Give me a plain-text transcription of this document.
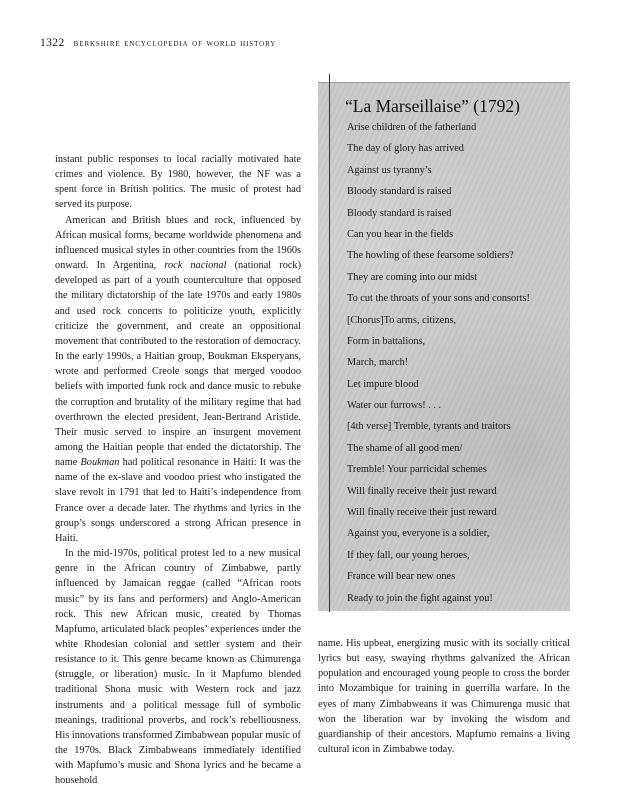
1322 berkshire encyclopedia of world history

instant public responses to local racially motivated hate crimes and violence. By 1980, however, the NF was a spent force in British politics. The music of protest had served its purpose.

American and British blues and rock, influenced by African musical forms, became worldwide phenomena and influenced musical styles in other countries from the 1960s onward. In Argentina, rock nacional (national rock) developed as part of a youth counterculture that opposed the military dictatorship of the late 1970s and early 1980s and used rock concerts to politicize youth, explicitly criticize the government, and create an oppositional movement that contributed to the restoration of democracy. In the early 1990s, a Haitian group, Boukman Eksperyans, wrote and performed Creole songs that merged voodoo beliefs with imported funk rock and dance music to rebuke the corruption and brutality of the military regime that had overthrown the elected president, Jean-Bertrand Aristide. Their music served to inspire an insurgent movement among the Haitian people that ended the dictatorship. The name Boukman had political resonance in Haiti: It was the name of the ex-slave and voodoo priest who instigated the slave revolt in 1791 that led to Haiti’s independence from France over a decade later. The rhythms and lyrics in the group’s songs underscored a strong African presence in Haiti.

In the mid-1970s, political protest led to a new musical genre in the African country of Zimbabwe, partly influenced by Jamaican reggae (called “African roots music” by its fans and performers) and Anglo-American rock. This new African music, created by Thomas Mapfumo, articulated black peoples’ experiences under the white Rhodesian colonial and settler system and their resistance to it. This genre became known as Chimurenga (struggle, or liberation) music. In it Mapfumo blended traditional Shona music with Western rock and jazz instruments and a political message full of symbolic meanings, traditional proverbs, and rock’s rebelliousness. His innovations transformed Zimbabwean popular music of the 1970s. Black Zimbabweans immediately identified with Mapfumo’s music and Shona lyrics and he became a household

“La Marseillaise” (1792)
Arise children of the fatherland
The day of glory has arrived
Against us tyranny’s
Bloody standard is raised
Bloody standard is raised
Can you hear in the fields
The howling of these fearsome soldiers?
They are coming into our midst
To cut the throats of your sons and consorts!
[Chorus]To arms, citizens,
Form in battalions,
March, march!
Let impure blood
Water our furrows! . . .
[4th verse] Tremble, tyrants and traitors
The shame of all good men/
Tremble! Your parricidal schemes
Will finally receive their just reward
Will finally receive their just reward
Against you, everyone is a soldier,
If they fall, our young heroes,
France will bear new ones
Ready to join the fight against you!

name. His upbeat, energizing music with its socially critical lyrics but easy, swaying rhythms galvanized the African population and encouraged young people to cross the border into Mozambique for training in guerrilla warfare. In the eyes of many Zimbabweans it was Chimurenga music that won the liberation war by invoking the wisdom and guardianship of their ancestors. Mapfumo remains a living cultural icon in Zimbabwe today.
